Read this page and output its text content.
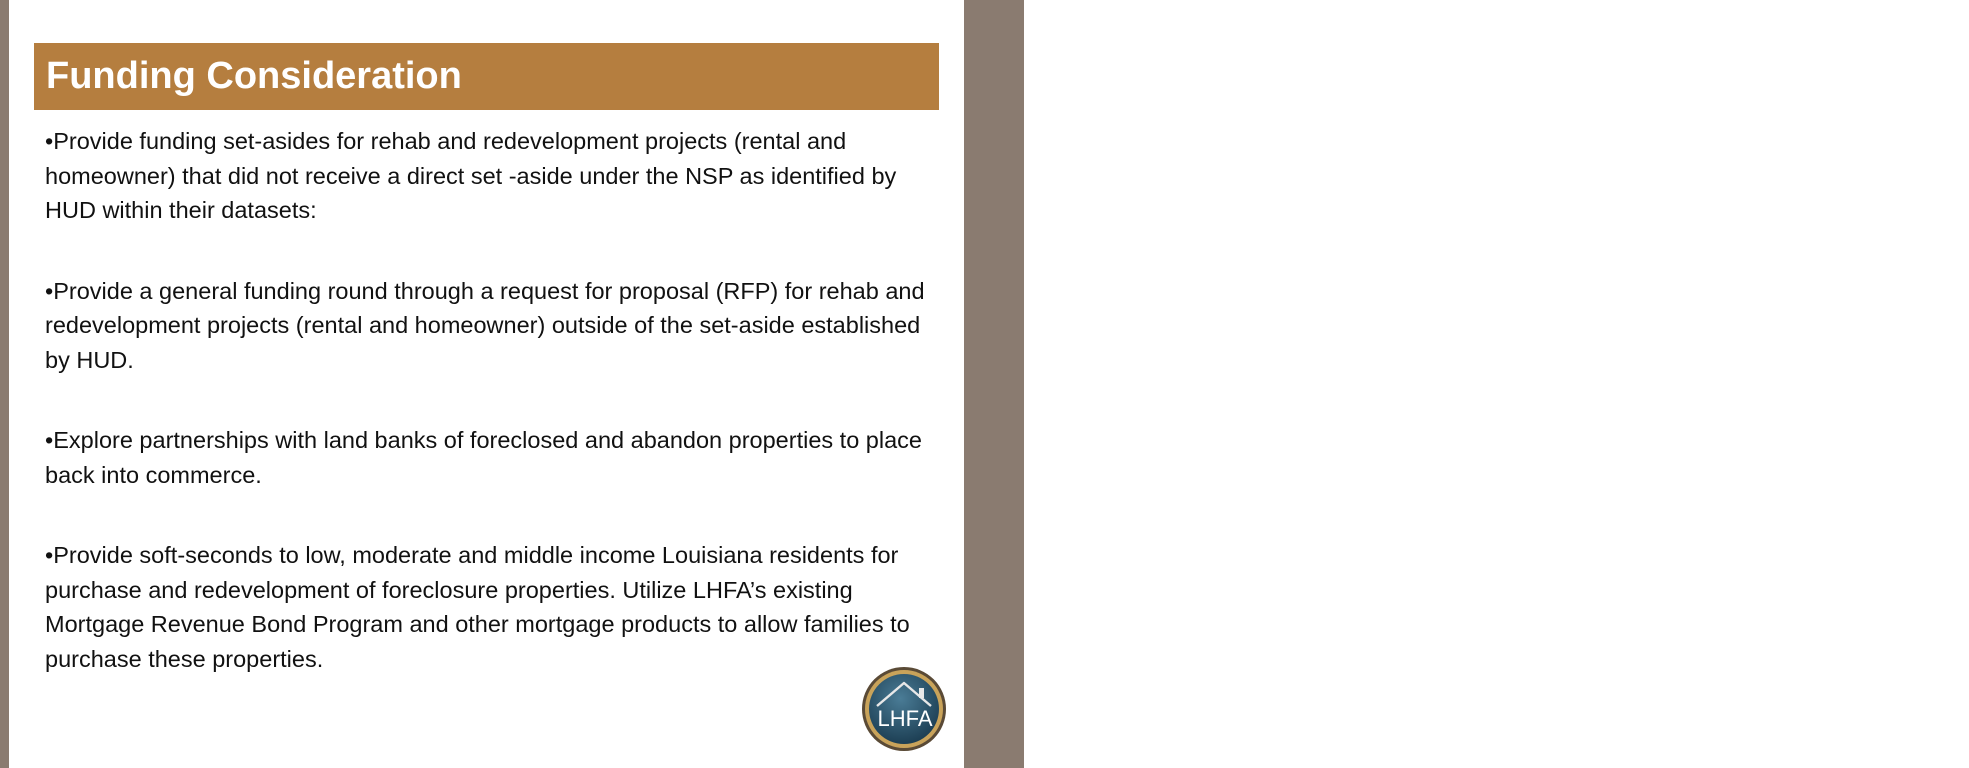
Funding consideration
Funding Consideration

•Provide funding set-asides for rehab and redevelopment projects (rental and homeowner) that did not receive a direct set -aside under the NSP as identified by HUD within their datasets:

•Provide a general funding round through a request for proposal (RFP) for rehab and redevelopment projects (rental and homeowner) outside of the set-aside established by HUD.

•Explore partnerships with land banks of foreclosed and abandon properties to place back into commerce.

•Provide soft-seconds to low, moderate and middle income Louisiana residents for purchase and redevelopment of foreclosure properties. Utilize LHFA’s existing Mortgage Revenue Bond Program and other mortgage products to allow families to purchase these properties.

LHFA
